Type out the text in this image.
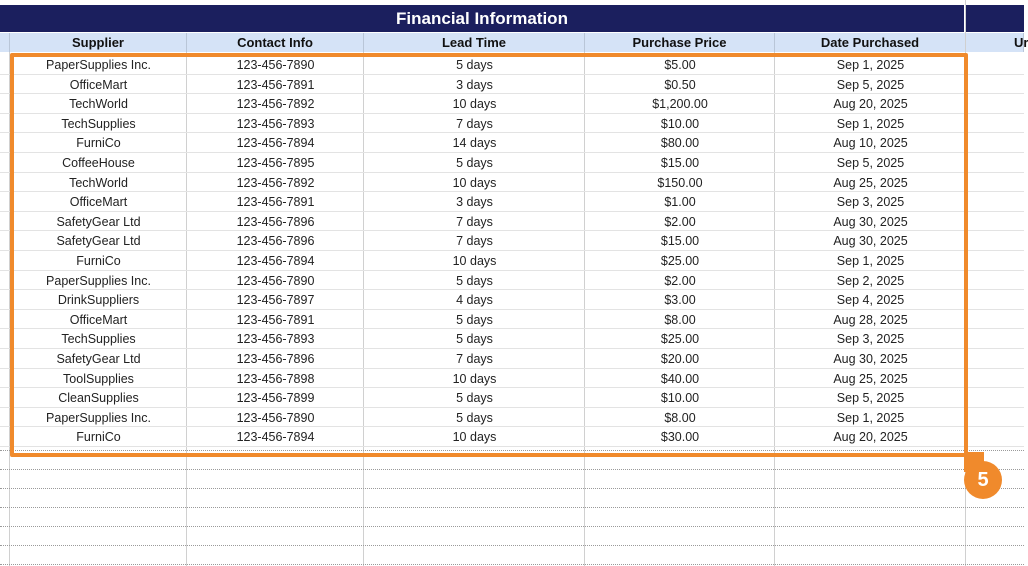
Financial Information
Supplier	Contact Info	Lead Time	Purchase Price	Date Purchased	Ur
PaperSupplies Inc.	123-456-7890	5 days	$5.00	Sep 1, 2025
OfficeMart	123-456-7891	3 days	$0.50	Sep 5, 2025
TechWorld	123-456-7892	10 days	$1,200.00	Aug 20, 2025
TechSupplies	123-456-7893	7 days	$10.00	Sep 1, 2025
FurniCo	123-456-7894	14 days	$80.00	Aug 10, 2025
CoffeeHouse	123-456-7895	5 days	$15.00	Sep 5, 2025
TechWorld	123-456-7892	10 days	$150.00	Aug 25, 2025
OfficeMart	123-456-7891	3 days	$1.00	Sep 3, 2025
SafetyGear Ltd	123-456-7896	7 days	$2.00	Aug 30, 2025
SafetyGear Ltd	123-456-7896	7 days	$15.00	Aug 30, 2025
FurniCo	123-456-7894	10 days	$25.00	Sep 1, 2025
PaperSupplies Inc.	123-456-7890	5 days	$2.00	Sep 2, 2025
DrinkSuppliers	123-456-7897	4 days	$3.00	Sep 4, 2025
OfficeMart	123-456-7891	5 days	$8.00	Aug 28, 2025
TechSupplies	123-456-7893	5 days	$25.00	Sep 3, 2025
SafetyGear Ltd	123-456-7896	7 days	$20.00	Aug 30, 2025
ToolSupplies	123-456-7898	10 days	$40.00	Aug 25, 2025
CleanSupplies	123-456-7899	5 days	$10.00	Sep 5, 2025
PaperSupplies Inc.	123-456-7890	5 days	$8.00	Sep 1, 2025
FurniCo	123-456-7894	10 days	$30.00	Aug 20, 2025
5
